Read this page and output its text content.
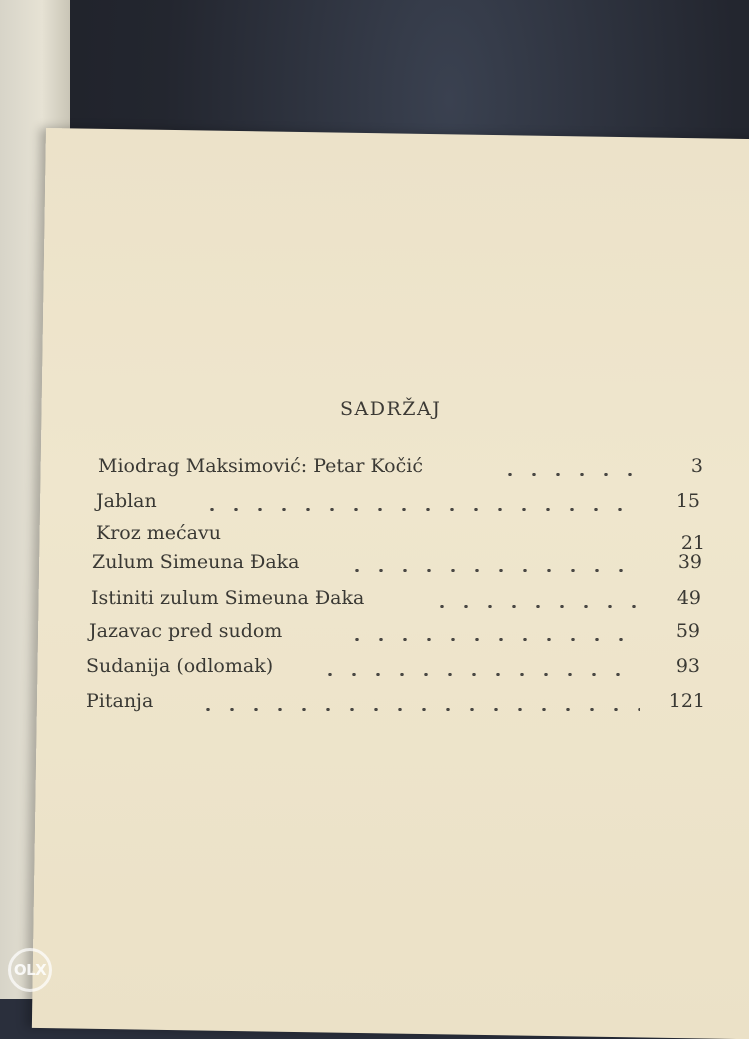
SADRŽAJ
Miodrag Maksimović: Petar Kočić	3
Jablan	15
Kroz mećavu	21
Zulum Simeuna Đaka	39
Istiniti zulum Simeuna Đaka	49
Jazavac pred sudom	59
Sudanija (odlomak)	93
Pitanja	121
OLX
